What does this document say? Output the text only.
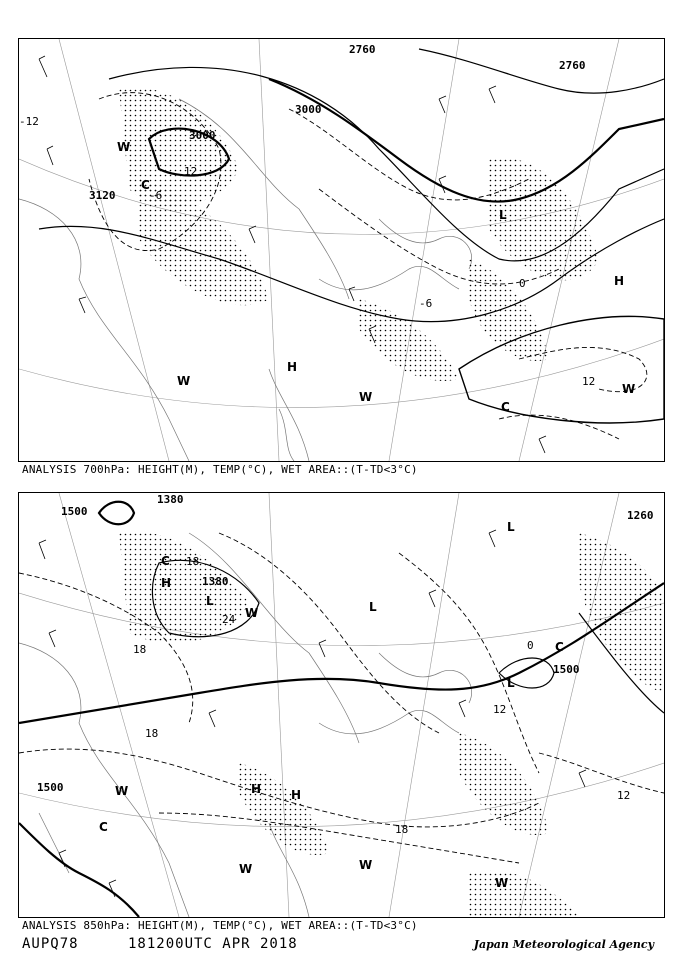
3000
3000
2760
2760
3120
-12
-6
-6
12
12
0
H
H
L
W
W
W
W
C
C
ANALYSIS 700hPa: HEIGHT(M), TEMP(°C), WET AREA::(T-TD<3°C)
1500
1500
1500
1380
1260
1380
24
18
18
18
12
0
12
18
H H
H
L	L
L
L
W
W
W	W
W
C
C
C
ANALYSIS 850hPa: HEIGHT(M), TEMP(°C), WET AREA::(T-TD<3°C)
AUPQ78	181200UTC APR 2018	Japan Meteorological Agency
